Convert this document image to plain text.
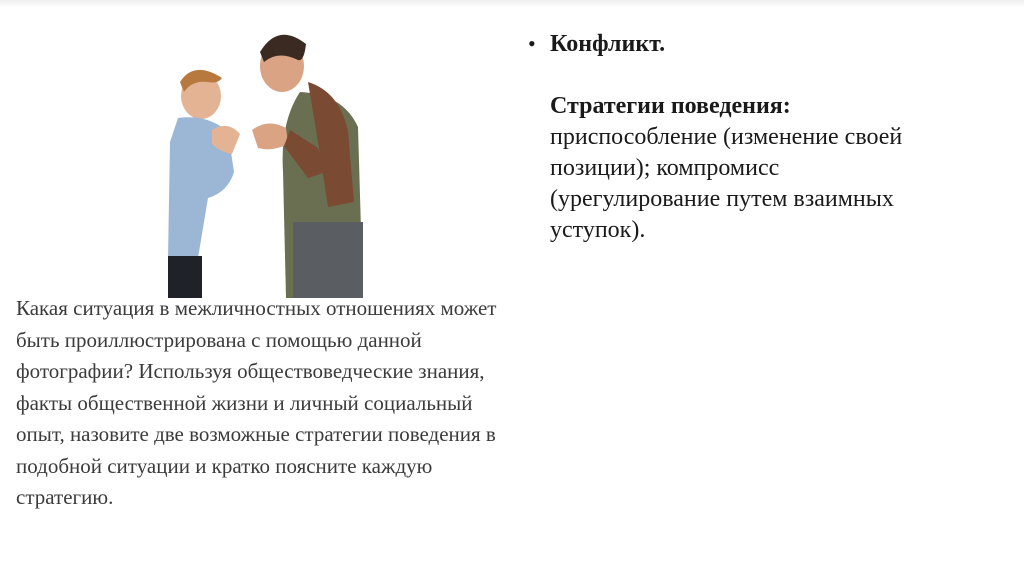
Какая ситуация в межличностных отношениях может быть проиллюстрирована с помощью данной фотографии? Используя обществоведческие знания, факты общественной жизни и личный социальный опыт, назовите две возможные стратегии поведения в подобной ситуации и кратко поясните каждую стратегию.

• Конфликт.
Стратегии поведения: приспособление (изменение своей позиции); компромисс (урегулирование путем взаимных уступок).
